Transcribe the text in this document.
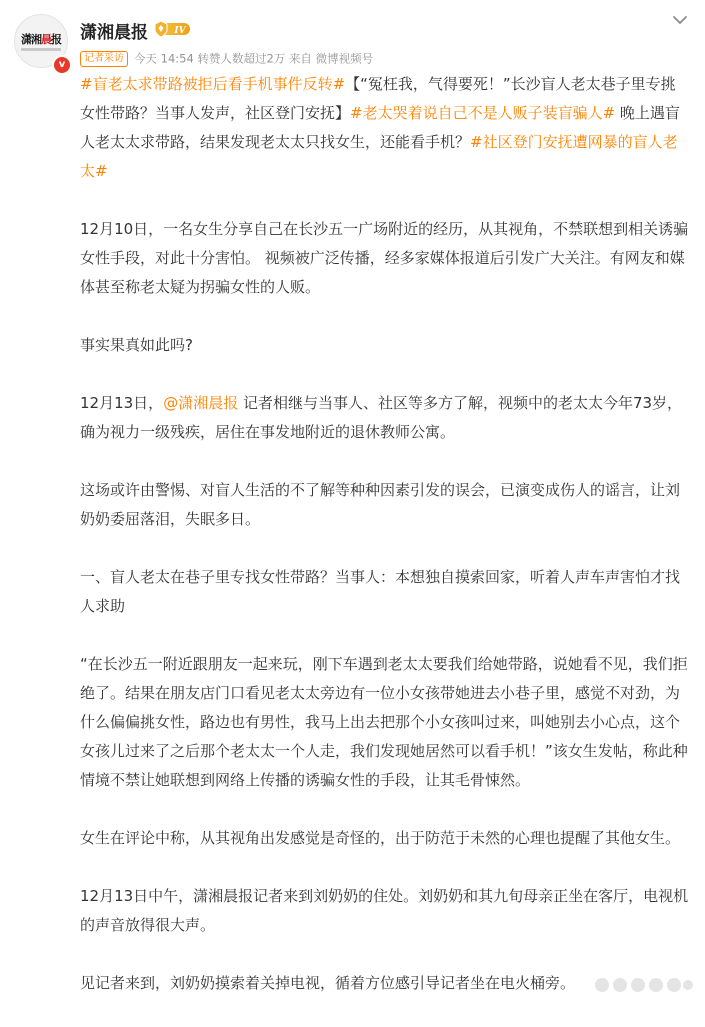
潇湘晨报
v
潇湘晨报	IV
记者采访 今天 14:54 转赞人数超过2万 来自 微博视频号

#盲老太求带路被拒后看手机事件反转#【“冤枉我，气得要死！”长沙盲人老太巷子里专挑女性带路？当事人发声，社区登门安抚】#老太哭着说自己不是人贩子装盲骗人# 晚上遇盲人老太太求带路，结果发现老太太只找女生，还能看手机？#社区登门安抚遭网暴的盲人老太#

12月10日，一名女生分享自己在长沙五一广场附近的经历，从其视角，不禁联想到相关诱骗女性手段，对此十分害怕。 视频被广泛传播，经多家媒体报道后引发广大关注。有网友和媒体甚至称老太疑为拐骗女性的人贩。

事实果真如此吗?

12月13日，@潇湘晨报 记者相继与当事人、社区等多方了解，视频中的老太太今年73岁，确为视力一级残疾，居住在事发地附近的退休教师公寓。

这场或许由警惕、对盲人生活的不了解等种种因素引发的误会，已演变成伤人的谣言，让刘奶奶委屈落泪，失眠多日。

一、盲人老太在巷子里专找女性带路？当事人：本想独自摸索回家，听着人声车声害怕才找人求助

“在长沙五一附近跟朋友一起来玩，刚下车遇到老太太要我们给她带路，说她看不见，我们拒绝了。结果在朋友店门口看见老太太旁边有一位小女孩带她进去小巷子里，感觉不对劲，为什么偏偏挑女性，路边也有男性，我马上出去把那个小女孩叫过来，叫她别去小心点，这个女孩儿过来了之后那个老太太一个人走，我们发现她居然可以看手机！”该女生发帖，称此种情境不禁让她联想到网络上传播的诱骗女性的手段，让其毛骨悚然。

女生在评论中称，从其视角出发感觉是奇怪的，出于防范于未然的心理也提醒了其他女生。

12月13日中午，潇湘晨报记者来到刘奶奶的住处。刘奶奶和其九旬母亲正坐在客厅，电视机的声音放得很大声。

见记者来到，刘奶奶摸索着关掉电视，循着方位感引导记者坐在电火桶旁。
